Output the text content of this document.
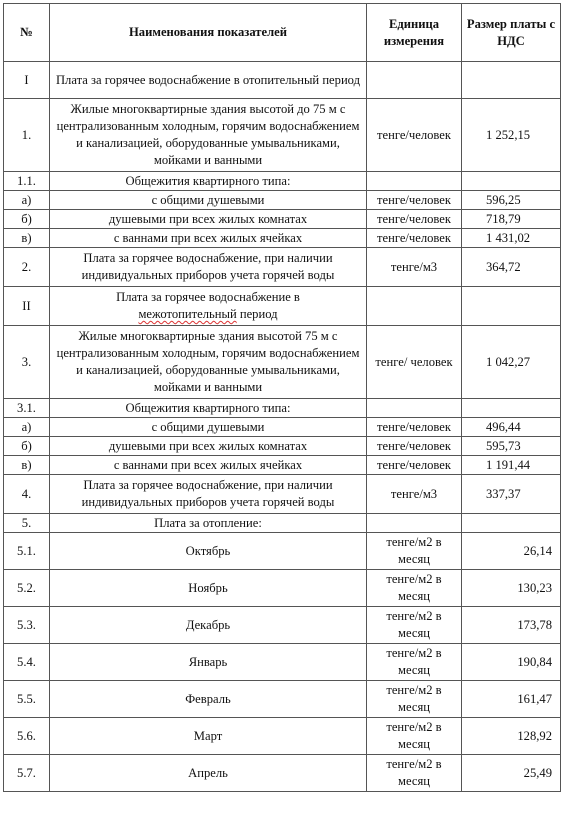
№	Наименования показателей	Единица измерения	Размер платы с НДС
I	Плата за горячее водоснабжение в отопительный период		
1.	Жилые многоквартирные здания высотой до 75 м с централизованным холодным, горячим водоснабжением и канализацией, оборудованные умывальниками, мойками и ванными	тенге/человек	1 252,15
1.1.	Общежития квартирного типа:		
а)	с общими душевыми	тенге/человек	596,25
б)	душевыми при всех жилых комнатах	тенге/человек	718,79
в)	с ваннами при всех жилых ячейках	тенге/человек	1 431,02
2.	Плата за горячее водоснабжение, при наличии индивидуальных приборов учета горячей воды	тенге/м3	364,72
II	Плата за горячее водоснабжение в
межотопительный период		
3.	Жилые многоквартирные здания высотой 75 м с централизованным холодным, горячим водоснабжением и канализацией, оборудованные умывальниками, мойками и ванными	тенге/ человек	1 042,27
3.1.	Общежития квартирного типа:		
а)	с общими душевыми	тенге/человек	496,44
б)	душевыми при всех жилых комнатах	тенге/человек	595,73
в)	с ваннами при всех жилых ячейках	тенге/человек	1 191,44
4.	Плата за горячее водоснабжение, при наличии индивидуальных приборов учета горячей воды	тенге/м3	337,37
5.	Плата за отопление:		
5.1.	Октябрь	тенге/м2 в месяц	26,14
5.2.	Ноябрь	тенге/м2 в месяц	130,23
5.3.	Декабрь	тенге/м2 в месяц	173,78
5.4.	Январь	тенге/м2 в месяц	190,84
5.5.	Февраль	тенге/м2 в месяц	161,47
5.6.	Март	тенге/м2 в месяц	128,92
5.7.	Апрель	тенге/м2 в месяц	25,49
